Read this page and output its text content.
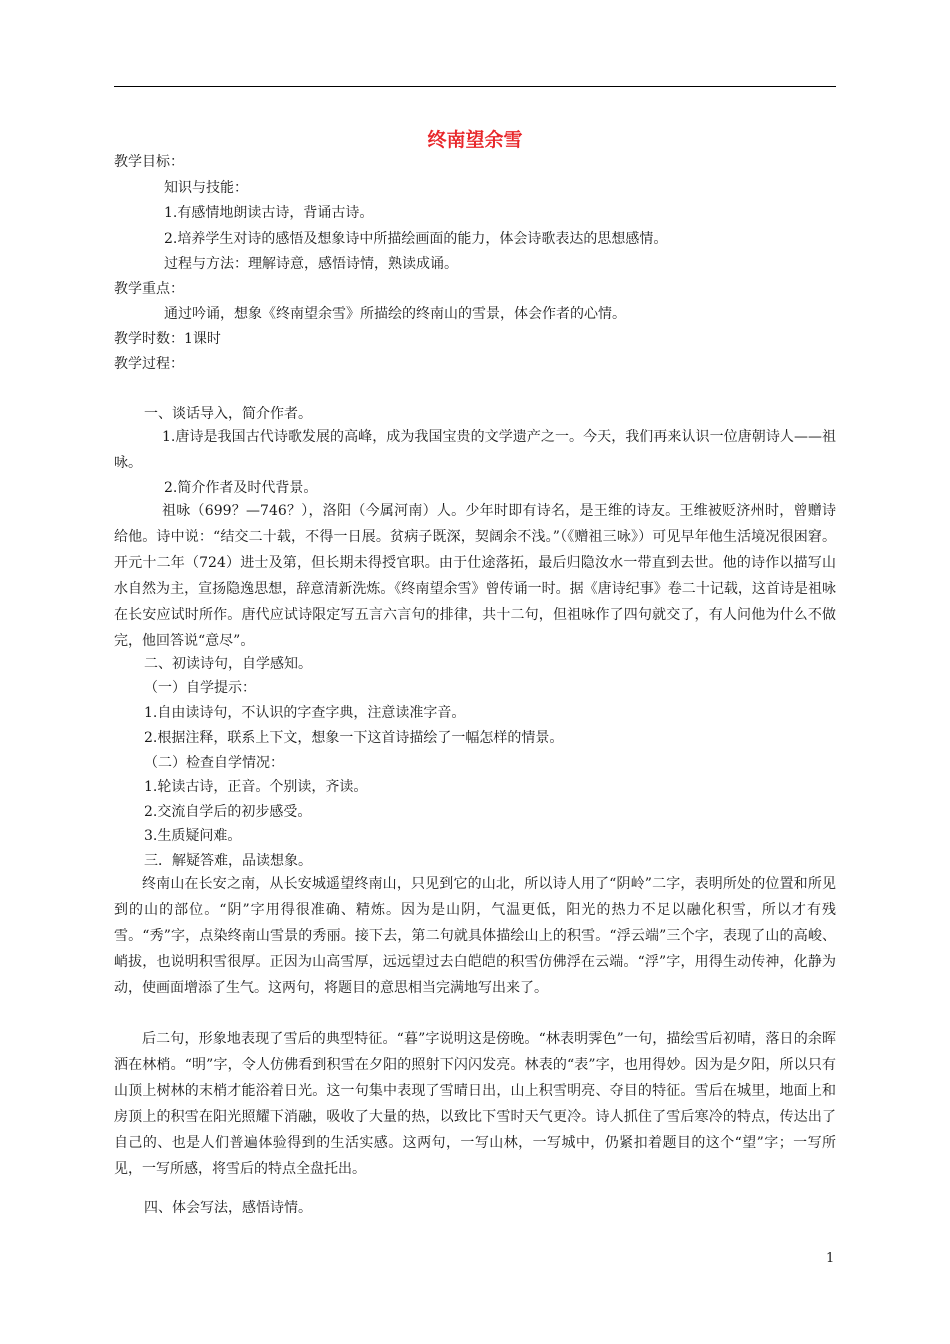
终南望余雪
教学目标：
知识与技能：
1.有感情地朗读古诗，背诵古诗。
2.培养学生对诗的感悟及想象诗中所描绘画面的能力，体会诗歌表达的思想感情。
过程与方法：理解诗意，感悟诗情，熟读成诵。
教学重点：
通过吟诵，想象《终南望余雪》所描绘的终南山的雪景，体会作者的心情。
教学时数：1课时
教学过程：
一、谈话导入，简介作者。
1.唐诗是我国古代诗歌发展的高峰，成为我国宝贵的文学遗产之一。今天，我们再来认识一位唐朝诗人——祖咏。
2.简介作者及时代背景。
祖咏（699？—746？），洛阳（今属河南）人。少年时即有诗名，是王维的诗友。王维被贬济州时，曾赠诗给他。诗中说：“结交二十载，不得一日展。贫病子既深，契阔余不浅。”（《赠祖三咏》）可见早年他生活境况很困窘。开元十二年（724）进士及第，但长期未得授官职。由于仕途落拓，最后归隐汝水一带直到去世。他的诗作以描写山水自然为主，宣扬隐逸思想，辞意清新洗炼。《终南望余雪》曾传诵一时。据《唐诗纪事》卷二十记载，这首诗是祖咏在长安应试时所作。唐代应试诗限定写五言六言句的排律，共十二句，但祖咏作了四句就交了，有人问他为什么不做完，他回答说“意尽”。
二、初读诗句，自学感知。
（一）自学提示：
1.自由读诗句，不认识的字查字典，注意读准字音。
2.根据注释，联系上下文，想象一下这首诗描绘了一幅怎样的情景。
（二）检查自学情况：
1.轮读古诗，正音。个别读，齐读。
2.交流自学后的初步感受。
3.生质疑问难。
三．解疑答难，品读想象。
终南山在长安之南，从长安城遥望终南山，只见到它的山北，所以诗人用了“阴岭”二字，表明所处的位置和所见到的山的部位。“阴”字用得很准确、精炼。因为是山阴，气温更低，阳光的热力不足以融化积雪，所以才有残雪。“秀”字，点染终南山雪景的秀丽。接下去，第二句就具体描绘山上的积雪。“浮云端”三个字，表现了山的高峻、峭拔，也说明积雪很厚。正因为山高雪厚，远远望过去白皑皑的积雪仿佛浮在云端。“浮”字，用得生动传神，化静为动，使画面增添了生气。这两句，将题目的意思相当完满地写出来了。
后二句，形象地表现了雪后的典型特征。“暮”字说明这是傍晚。“林表明霁色”一句，描绘雪后初晴，落日的余晖洒在林梢。“明”字，令人仿佛看到积雪在夕阳的照射下闪闪发亮。林表的“表”字，也用得妙。因为是夕阳，所以只有山顶上树林的末梢才能浴着日光。这一句集中表现了雪晴日出，山上积雪明亮、夺目的特征。雪后在城里，地面上和房顶上的积雪在阳光照耀下消融，吸收了大量的热，以致比下雪时天气更冷。诗人抓住了雪后寒冷的特点，传达出了自己的、也是人们普遍体验得到的生活实感。这两句，一写山林，一写城中，仍紧扣着题目的这个“望”字；一写所见，一写所感，将雪后的特点全盘托出。
四、体会写法，感悟诗情。
1
